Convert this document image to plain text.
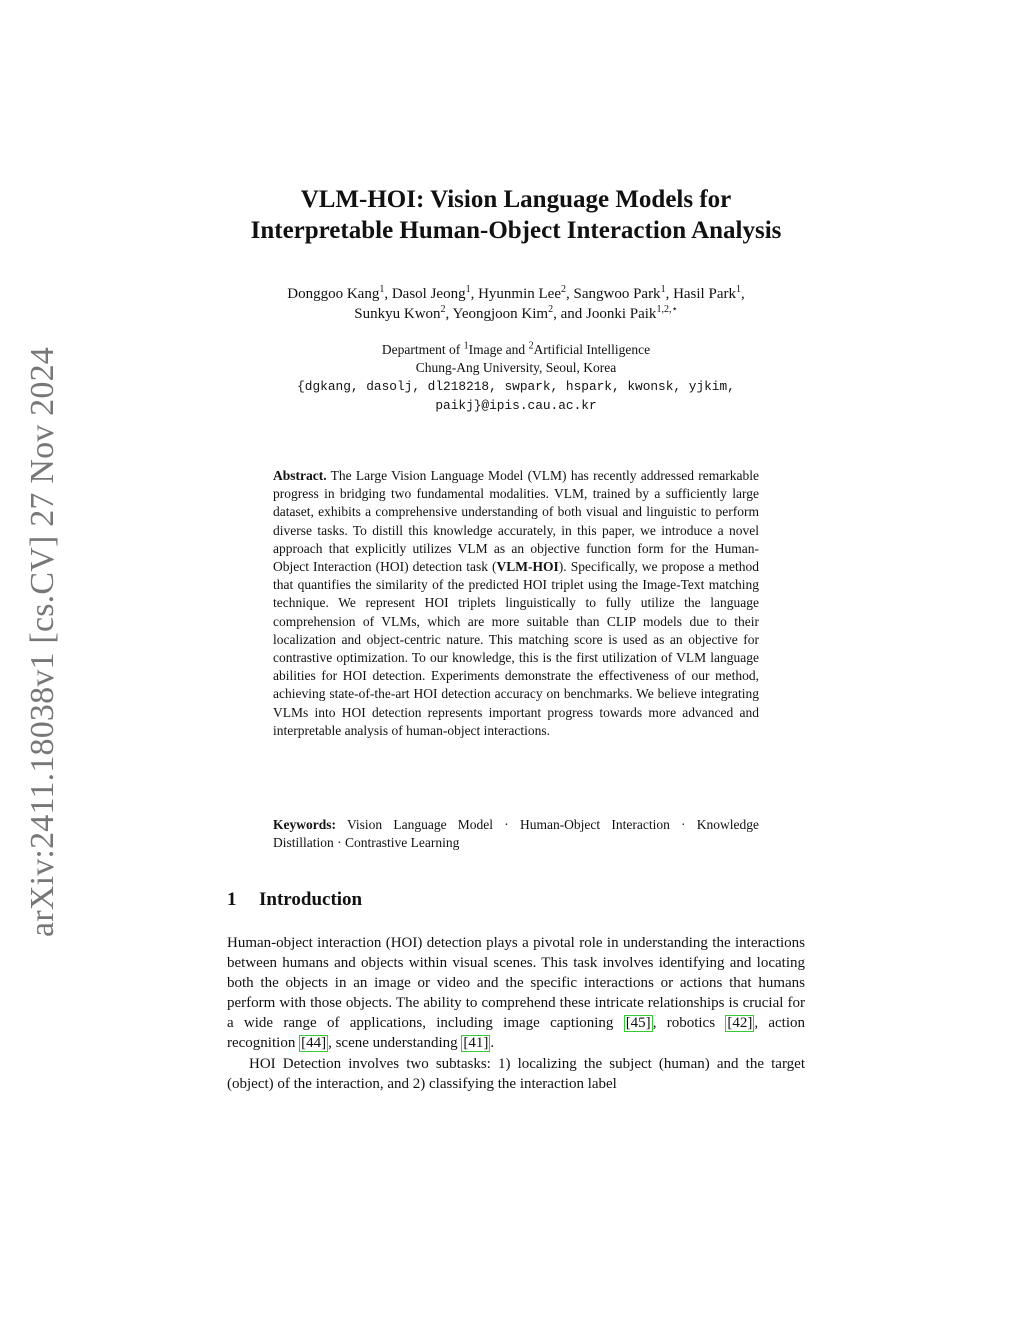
arXiv:2411.18038v1 [cs.CV] 27 Nov 2024
VLM-HOI: Vision Language Models for
Interpretable Human-Object Interaction Analysis
Donggoo Kang$^1$, Dasol Jeong$^1$, Hyunmin Lee$^2$, Sangwoo Park$^1$, Hasil Park$^1$,
Sunkyu Kwon$^2$, Yeongjoon Kim$^2$, and Joonki Paik$^{1,2,⋆}$
Department of $^1$Image and $^2$Artificial Intelligence
Chung-Ang University, Seoul, Korea
{dgkang, dasolj, dl218218, swpark, hspark, kwonsk, yjkim,
paikj}@ipis.cau.ac.kr
Abstract. The Large Vision Language Model (VLM) has recently addressed remarkable progress in bridging two fundamental modalities. VLM, trained by a sufficiently large dataset, exhibits a comprehensive understanding of both visual and linguistic to perform diverse tasks. To distill this knowledge accurately, in this paper, we introduce a novel approach that explicitly utilizes VLM as an objective function form for the Human-Object Interaction (HOI) detection task (VLM-HOI). Specifically, we propose a method that quantifies the similarity of the predicted HOI triplet using the Image-Text matching technique. We represent HOI triplets linguistically to fully utilize the language comprehension of VLMs, which are more suitable than CLIP models due to their localization and object-centric nature. This matching score is used as an objective for contrastive optimization. To our knowledge, this is the first utilization of VLM language abilities for HOI detection. Experiments demonstrate the effectiveness of our method, achieving state-of-the-art HOI detection accuracy on benchmarks. We believe integrating VLMs into HOI detection represents important progress towards more advanced and interpretable analysis of human-object interactions.
Keywords: Vision Language Model · Human-Object Interaction · Knowledge Distillation · Contrastive Learning
1 Introduction

Human-object interaction (HOI) detection plays a pivotal role in understanding the interactions between humans and objects within visual scenes. This task involves identifying and locating both the objects in an image or video and the specific interactions or actions that humans perform with those objects. The ability to comprehend these intricate relationships is crucial for a wide range of applications, including image captioning [45] , robotics [42] , action recognition [44] , scene understanding [41] .

HOI Detection involves two subtasks: 1) localizing the subject (human) and the target (object) of the interaction, and 2) classifying the interaction label
